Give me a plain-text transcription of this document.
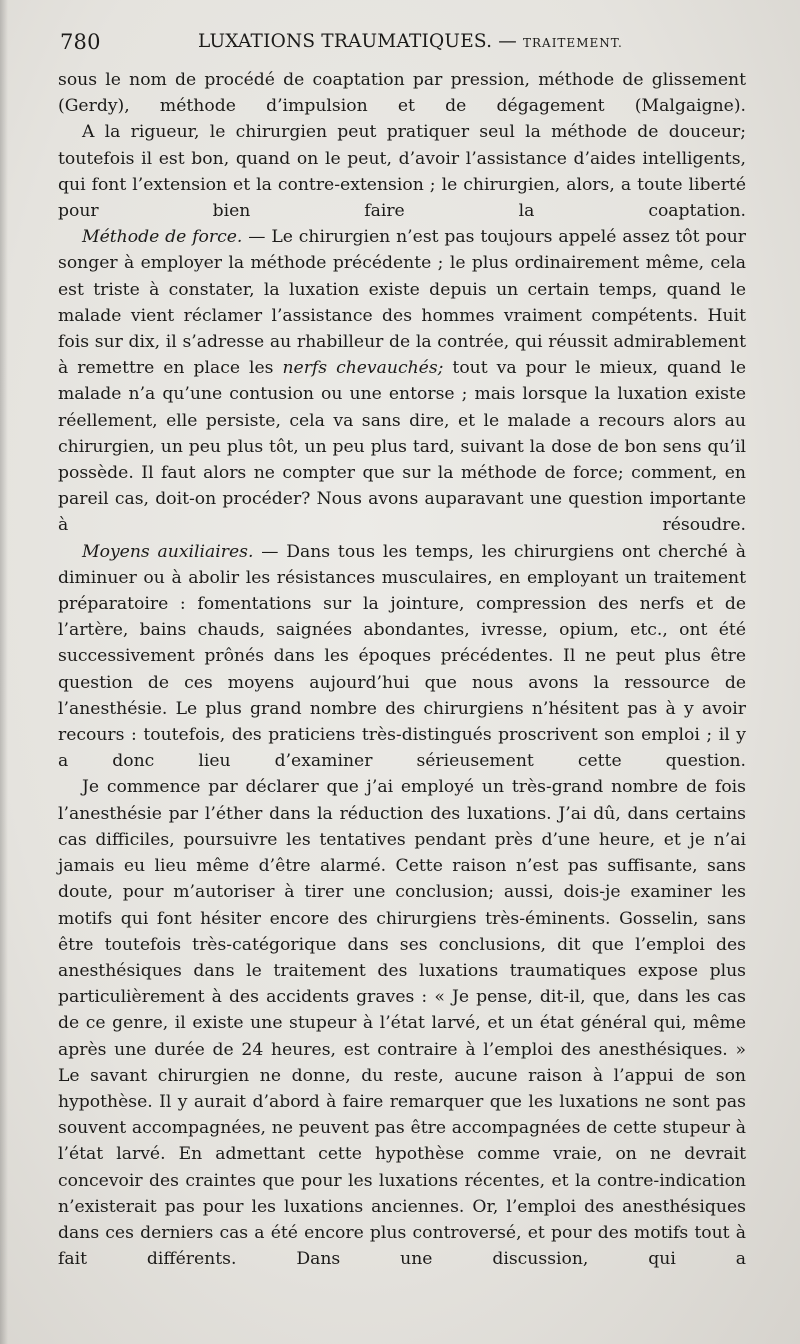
780	LUXATIONS TRAUMATIQUES. — TRAITEMENT.

sous le nom de procédé de coaptation par pression, méthode de glissement (Gerdy), méthode d’impulsion et de dégagement (Malgaigne).

A la rigueur, le chirurgien peut pratiquer seul la méthode de douceur; toutefois il est bon, quand on le peut, d’avoir l’assistance d’aides intelligents, qui font l’extension et la contre-extension ; le chirurgien, alors, a toute liberté pour bien faire la coaptation.

Méthode de force. — Le chirurgien n’est pas toujours appelé assez tôt pour songer à employer la méthode précédente ; le plus ordinairement même, cela est triste à constater, la luxation existe depuis un certain temps, quand le malade vient réclamer l’assistance des hommes vraiment compétents. Huit fois sur dix, il s’adresse au rhabilleur de la contrée, qui réussit admirablement à remettre en place les nerfs chevauchés; tout va pour le mieux, quand le malade n’a qu’une contusion ou une entorse ; mais lorsque la luxation existe réellement, elle persiste, cela va sans dire, et le malade a recours alors au chirurgien, un peu plus tôt, un peu plus tard, suivant la dose de bon sens qu’il possède. Il faut alors ne compter que sur la méthode de force; comment, en pareil cas, doit-on procéder? Nous avons auparavant une question importante à résoudre.

Moyens auxiliaires. — Dans tous les temps, les chirurgiens ont cherché à diminuer ou à abolir les résistances musculaires, en employant un traitement préparatoire : fomentations sur la jointure, compression des nerfs et de l’artère, bains chauds, saignées abondantes, ivresse, opium, etc., ont été successivement prônés dans les époques précédentes. Il ne peut plus être question de ces moyens aujourd’hui que nous avons la ressource de l’anesthésie. Le plus grand nombre des chirurgiens n’hésitent pas à y avoir recours : toutefois, des praticiens très-distingués proscrivent son emploi ; il y a donc lieu d’examiner sérieusement cette question.

Je commence par déclarer que j’ai employé un très-grand nombre de fois l’anesthésie par l’éther dans la réduction des luxations. J’ai dû, dans certains cas difficiles, poursuivre les tentatives pendant près d’une heure, et je n’ai jamais eu lieu même d’être alarmé. Cette raison n’est pas suffisante, sans doute, pour m’autoriser à tirer une conclusion; aussi, dois-je examiner les motifs qui font hésiter encore des chirurgiens très-éminents. Gosselin, sans être toutefois très-catégorique dans ses conclusions, dit que l’emploi des anesthésiques dans le traitement des luxations traumatiques expose plus particulièrement à des accidents graves : « Je pense, dit-il, que, dans les cas de ce genre, il existe une stupeur à l’état larvé, et un état général qui, même après une durée de 24 heures, est contraire à l’emploi des anesthésiques. » Le savant chirurgien ne donne, du reste, aucune raison à l’appui de son hypothèse. Il y aurait d’abord à faire remarquer que les luxations ne sont pas souvent accompagnées, ne peuvent pas être accompagnées de cette stupeur à l’état larvé. En admettant cette hypothèse comme vraie, on ne devrait concevoir des craintes que pour les luxations récentes, et la contre-indication n’existerait pas pour les luxations anciennes. Or, l’emploi des anesthésiques dans ces derniers cas a été encore plus controversé, et pour des motifs tout à fait différents. Dans une discussion, qui a
